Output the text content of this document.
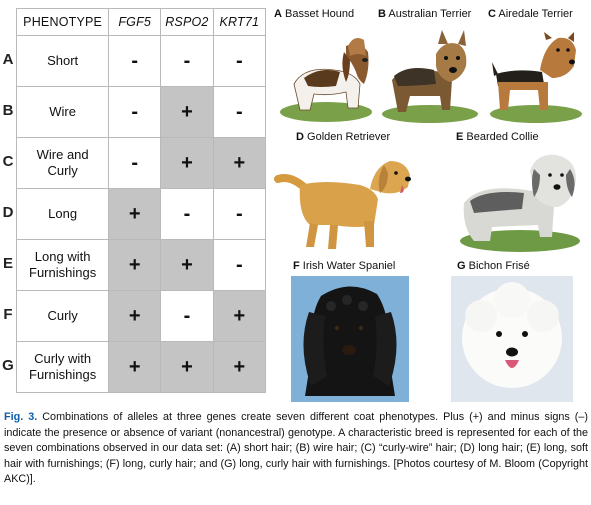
A
B
C
D
E
F
G
PHENOTYPE	FGF5	RSPO2	KRT71

Short	-	-	-

Wire	-	+	-

Wire and
Curly	-	+	+

Long	+	-	-

Long with
Furnishings	+	+	-

Curly	+	-	+

Curly with
Furnishings	+	+	+
A Basset Hound B Australian Terrier C Airedale Terrier
D Golden Retriever	E Bearded Collie
F Irish Water Spaniel	G Bichon Frisé
Fig. 3. Combinations of alleles at three genes create seven different coat phenotypes. Plus (+) and minus signs (–) indicate the presence or absence of variant (nonancestral) genotype. A characteristic breed is represented for each of the seven combinations observed in our data set: (A) short hair; (B) wire hair; (C) “curly-wire” hair; (D) long hair; (E) long, soft hair with furnishings; (F) long, curly hair; and (G) long, curly hair with furnishings. [Photos courtesy of M. Bloom (Copyright AKC)].
